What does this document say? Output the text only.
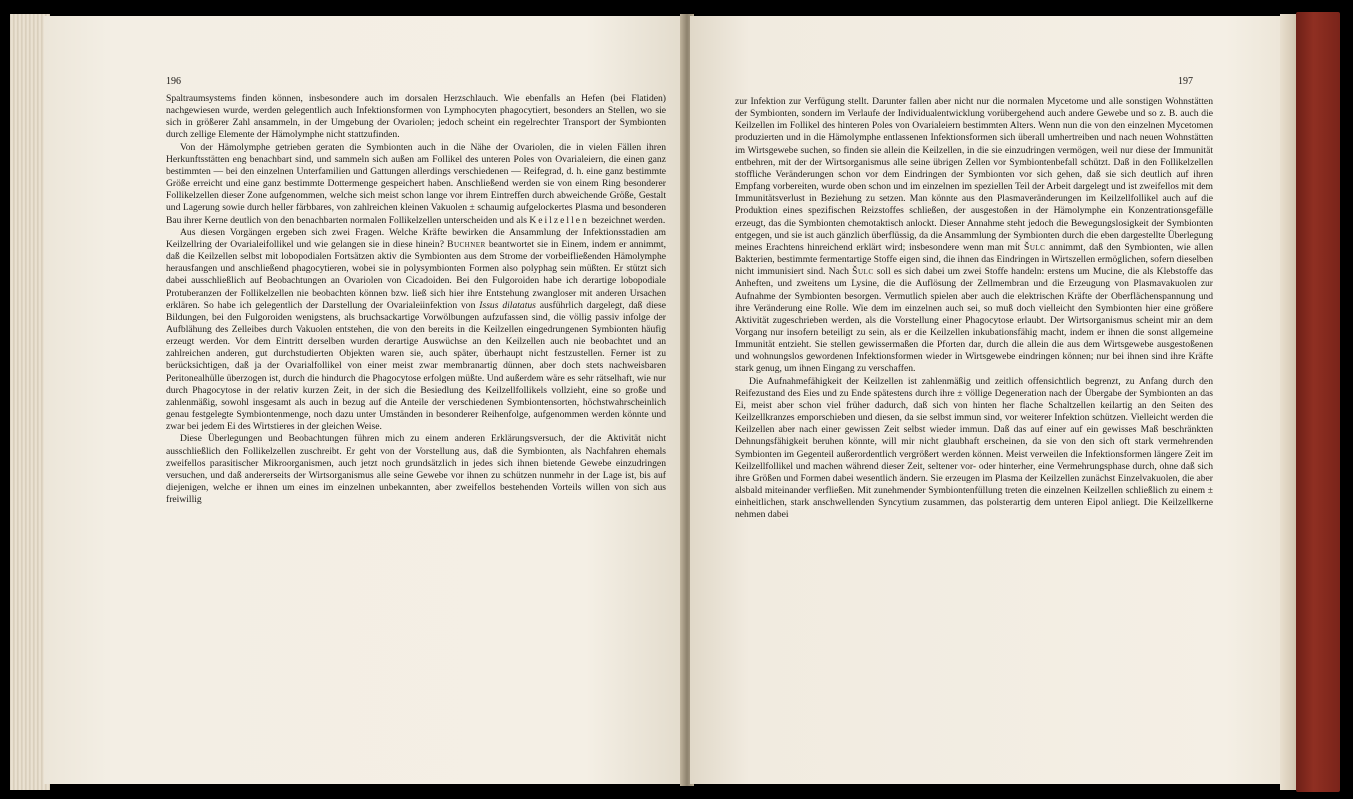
196

Spaltraumsystems finden können, insbesondere auch im dorsalen Herzschlauch. Wie ebenfalls an Hefen (bei Flatiden) nachgewiesen wurde, werden gelegentlich auch Infektionsformen von Lymphocyten phagocytiert, besonders an Stellen, wo sie sich in größerer Zahl ansammeln, in der Umgebung der Ovariolen; jedoch scheint ein regelrechter Transport der Symbionten durch zellige Elemente der Hämolymphe nicht stattzufinden.

Von der Hämolymphe getrieben geraten die Symbionten auch in die Nähe der Ovariolen, die in vielen Fällen ihren Herkunftsstätten eng benachbart sind, und sammeln sich außen am Follikel des unteren Poles von Ovarialeiern, die einen ganz bestimmten — bei den einzelnen Unterfamilien und Gattungen allerdings verschiedenen — Reifegrad, d. h. eine ganz bestimmte Größe erreicht und eine ganz bestimmte Dottermenge gespeichert haben. Anschließend werden sie von einem Ring besonderer Follikelzellen dieser Zone aufgenommen, welche sich meist schon lange vor ihrem Eintreffen durch abweichende Größe, Gestalt und Lagerung sowie durch heller färbbares, von zahlreichen kleinen Vakuolen ± schaumig aufgelockertes Plasma und besonderen Bau ihrer Kerne deutlich von den benachbarten normalen Follikelzellen unterscheiden und als Keilzellen bezeichnet werden.

Aus diesen Vorgängen ergeben sich zwei Fragen. Welche Kräfte bewirken die Ansammlung der Infektionsstadien am Keilzellring der Ovarialeifollikel und wie gelangen sie in diese hinein? Buchner beantwortet sie in Einem, indem er annimmt, daß die Keilzellen selbst mit lobopodialen Fortsätzen aktiv die Symbionten aus dem Strome der vorbeifließenden Hämolymphe herausfangen und anschließend phagocytieren, wobei sie in polysymbionten Formen also polyphag sein müßten. Er stützt sich dabei ausschließlich auf Beobachtungen an Ovariolen von Cicadoiden. Bei den Fulgoroiden habe ich derartige lobopodiale Protuberanzen der Follikelzellen nie beobachten können bzw. ließ sich hier ihre Entstehung zwangloser mit anderen Ursachen erklären. So habe ich gelegentlich der Darstellung der Ovarialeiinfektion von Issus dilatatus ausführlich dargelegt, daß diese Bildungen, bei den Fulgoroiden wenigstens, als bruchsackartige Vorwölbungen aufzufassen sind, die völlig passiv infolge der Aufblähung des Zelleibes durch Vakuolen entstehen, die von den bereits in die Keilzellen eingedrungenen Symbionten häufig erzeugt werden. Vor dem Eintritt derselben wurden derartige Auswüchse an den Keilzellen auch nie beobachtet und an zahlreichen anderen, gut durchstudierten Objekten waren sie, auch später, überhaupt nicht festzustellen. Ferner ist zu berücksichtigen, daß ja der Ovarialfollikel von einer meist zwar membranartig dünnen, aber doch stets nachweisbaren Peritonealhülle überzogen ist, durch die hindurch die Phagocytose erfolgen müßte. Und außerdem wäre es sehr rätselhaft, wie nur durch Phagocytose in der relativ kurzen Zeit, in der sich die Besiedlung des Keilzellfollikels vollzieht, eine so große und zahlenmäßig, sowohl insgesamt als auch in bezug auf die Anteile der verschiedenen Symbiontensorten, höchstwahrscheinlich genau festgelegte Symbiontenmenge, noch dazu unter Umständen in besonderer Reihenfolge, aufgenommen werden könnte und zwar bei jedem Ei des Wirtstieres in der gleichen Weise.

Diese Überlegungen und Beobachtungen führen mich zu einem anderen Erklärungsversuch, der die Aktivität nicht ausschließlich den Follikelzellen zuschreibt. Er geht von der Vorstellung aus, daß die Symbionten, als Nachfahren ehemals zweifellos parasitischer Mikroorganismen, auch jetzt noch grundsätzlich in jedes sich ihnen bietende Gewebe einzudringen versuchen, und daß andererseits der Wirtsorganismus alle seine Gewebe vor ihnen zu schützen nunmehr in der Lage ist, bis auf diejenigen, welche er ihnen um eines im einzelnen unbekannten, aber zweifellos bestehenden Vorteils willen von sich aus freiwillig

197

zur Infektion zur Verfügung stellt. Darunter fallen aber nicht nur die normalen Mycetome und alle sonstigen Wohnstätten der Symbionten, sondern im Verlaufe der Individualentwicklung vorübergehend auch andere Gewebe und so z. B. auch die Keilzellen im Follikel des hinteren Poles von Ovarialeiern bestimmten Alters. Wenn nun die von den einzelnen Mycetomen produzierten und in die Hämolymphe entlassenen Infektionsformen sich überall umhertreiben und nach neuen Wohnstätten im Wirtsgewebe suchen, so finden sie allein die Keilzellen, in die sie einzudringen vermögen, weil nur diese der Immunität entbehren, mit der der Wirtsorganismus alle seine übrigen Zellen vor Symbiontenbefall schützt. Daß in den Follikelzellen stoffliche Veränderungen schon vor dem Eindringen der Symbionten vor sich gehen, daß sie sich deutlich auf ihren Empfang vorbereiten, wurde oben schon und im einzelnen im speziellen Teil der Arbeit dargelegt und ist zweifellos mit dem Immunitätsverlust in Beziehung zu setzen. Man könnte aus den Plasmaveränderungen im Keilzellfollikel auch auf die Produktion eines spezifischen Reizstoffes schließen, der ausgestoßen in der Hämolymphe ein Konzentrationsgefälle erzeugt, das die Symbionten chemotaktisch anlockt. Dieser Annahme steht jedoch die Bewegungslosigkeit der Symbionten entgegen, und sie ist auch gänzlich überflüssig, da die Ansammlung der Symbionten durch die eben dargestellte Überlegung meines Erachtens hinreichend erklärt wird; insbesondere wenn man mit Šulc annimmt, daß den Symbionten, wie allen Bakterien, bestimmte fermentartige Stoffe eigen sind, die ihnen das Eindringen in Wirtszellen ermöglichen, sofern dieselben nicht immunisiert sind. Nach Šulc soll es sich dabei um zwei Stoffe handeln: erstens um Mucine, die als Klebstoffe das Anheften, und zweitens um Lysine, die die Auflösung der Zellmembran und die Erzeugung von Plasmavakuolen zur Aufnahme der Symbionten besorgen. Vermutlich spielen aber auch die elektrischen Kräfte der Oberflächenspannung und ihre Veränderung eine Rolle. Wie dem im einzelnen auch sei, so muß doch vielleicht den Symbionten hier eine größere Aktivität zugeschrieben werden, als die Vorstellung einer Phagocytose erlaubt. Der Wirtsorganismus scheint mir an dem Vorgang nur insofern beteiligt zu sein, als er die Keilzellen inkubationsfähig macht, indem er ihnen die sonst allgemeine Immunität entzieht. Sie stellen gewissermaßen die Pforten dar, durch die allein die aus dem Wirtsgewebe ausgestoßenen und wohnungslos gewordenen Infektionsformen wieder in Wirtsgewebe eindringen können; nur bei ihnen sind ihre Kräfte stark genug, um ihnen Eingang zu verschaffen.

Die Aufnahmefähigkeit der Keilzellen ist zahlenmäßig und zeitlich offensichtlich begrenzt, zu Anfang durch den Reifezustand des Eies und zu Ende spätestens durch ihre ± völlige Degeneration nach der Übergabe der Symbionten an das Ei, meist aber schon viel früher dadurch, daß sich von hinten her flache Schaltzellen keilartig an den Seiten des Keilzellkranzes emporschieben und diesen, da sie selbst immun sind, vor weiterer Infektion schützen. Vielleicht werden die Keilzellen aber nach einer gewissen Zeit selbst wieder immun. Daß das auf einer auf ein gewisses Maß beschränkten Dehnungsfähigkeit beruhen könnte, will mir nicht glaubhaft erscheinen, da sie von den sich oft stark vermehrenden Symbionten im Gegenteil außerordentlich vergrößert werden können. Meist verweilen die Infektionsformen längere Zeit im Keilzellfollikel und machen während dieser Zeit, seltener vor- oder hinterher, eine Vermehrungsphase durch, ohne daß sich ihre Größen und Formen dabei wesentlich ändern. Sie erzeugen im Plasma der Keilzellen zunächst Einzelvakuolen, die aber alsbald miteinander verfließen. Mit zunehmender Symbiontenfüllung treten die einzelnen Keilzellen schließlich zu einem ± einheitlichen, stark anschwellenden Syncytium zusammen, das polsterartig dem unteren Eipol anliegt. Die Keilzellkerne nehmen dabei
